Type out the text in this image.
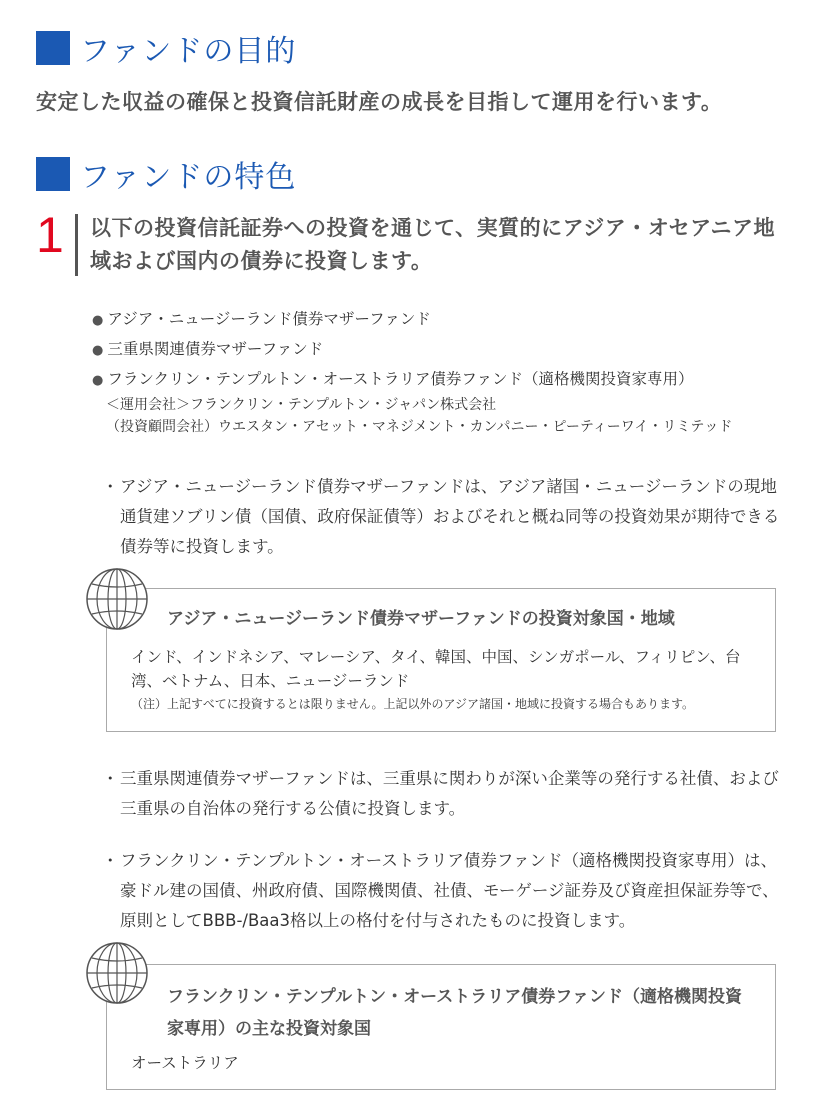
ファンドの目的
安定した収益の確保と投資信託財産の成長を目指して運用を行います。
ファンドの特色
1 以下の投資信託証券への投資を通じて、実質的にアジア・オセアニア地域および国内の債券に投資します。
● アジア・ニュージーランド債券マザーファンド
● 三重県関連債券マザーファンド
● フランクリン・テンプルトン・オーストラリア債券ファンド（適格機関投資家専用）
＜運用会社＞フランクリン・テンプルトン・ジャパン株式会社
（投資顧問会社）ウエスタン・アセット・マネジメント・カンパニー・ピーティーワイ・リミテッド
・ アジア・ニュージーランド債券マザーファンドは、アジア諸国・ニュージーランドの現地通貨建ソブリン債（国債、政府保証債等）およびそれと概ね同等の投資効果が期待できる債券等に投資します。
アジア・ニュージーランド債券マザーファンドの投資対象国・地域
インド、インドネシア、マレーシア、タイ、韓国、中国、シンガポール、フィリピン、台湾、ベトナム、日本、ニュージーランド
（注）上記すべてに投資するとは限りません。上記以外のアジア諸国・地域に投資する場合もあります。
・ 三重県関連債券マザーファンドは、三重県に関わりが深い企業等の発行する社債、および三重県の自治体の発行する公債に投資します。
・ フランクリン・テンプルトン・オーストラリア債券ファンド（適格機関投資家専用）は、豪ドル建の国債、州政府債、国際機関債、社債、モーゲージ証券及び資産担保証券等で、原則としてBBB-/Baa3格以上の格付を付与されたものに投資します。
フランクリン・テンプルトン・オーストラリア債券ファンド（適格機関投資家専用）の主な投資対象国
オーストラリア
